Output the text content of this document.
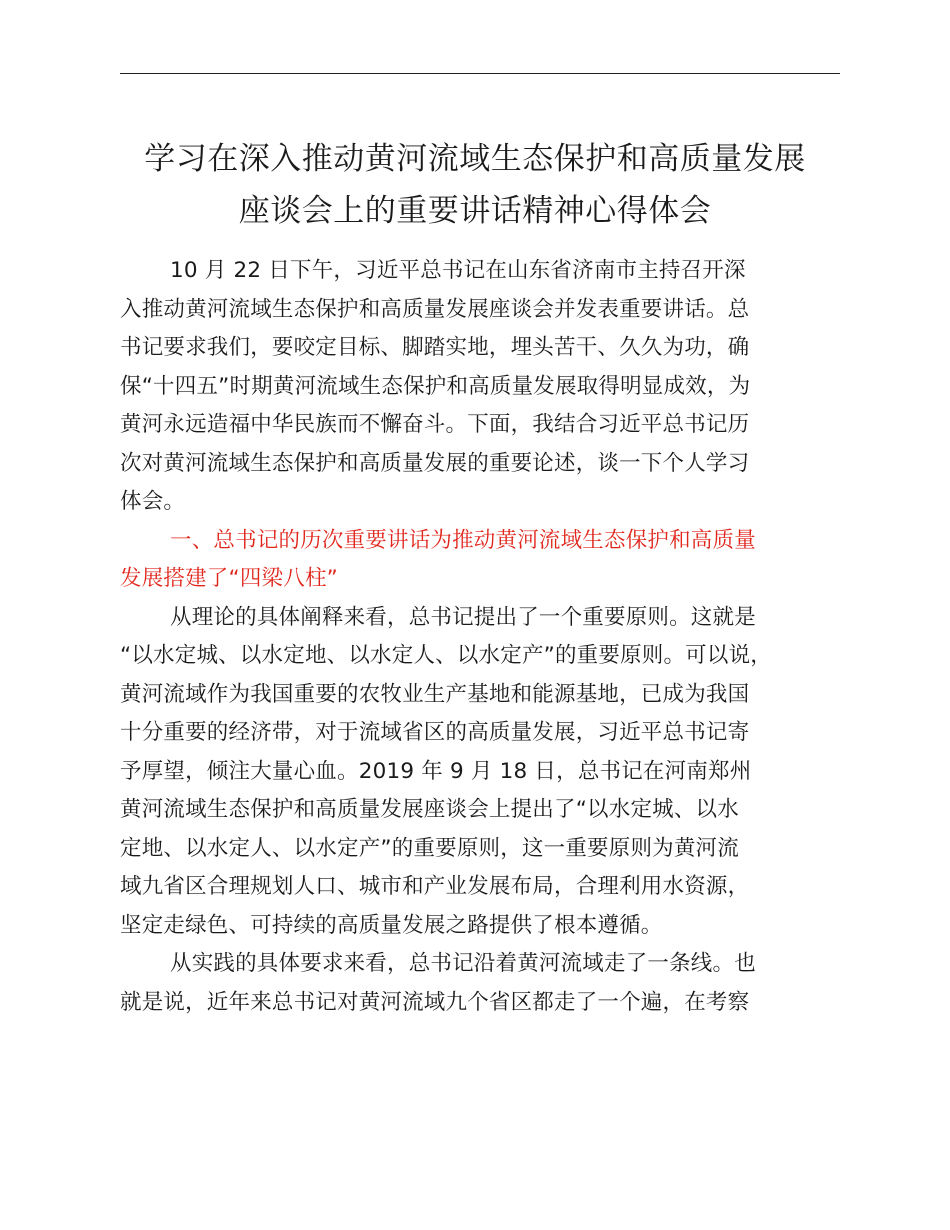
学习在深入推动黄河流域生态保护和高质量发展
座谈会上的重要讲话精神心得体会
10 月 22 日下午，习近平总书记在山东省济南市主持召开深
入推动黄河流域生态保护和高质量发展座谈会并发表重要讲话。总
书记要求我们，要咬定目标、脚踏实地，埋头苦干、久久为功，确
保“十四五”时期黄河流域生态保护和高质量发展取得明显成效，为
黄河永远造福中华民族而不懈奋斗。下面，我结合习近平总书记历
次对黄河流域生态保护和高质量发展的重要论述，谈一下个人学习
体会。
一、总书记的历次重要讲话为推动黄河流域生态保护和高质量
发展搭建了“四梁八柱”
从理论的具体阐释来看，总书记提出了一个重要原则。这就是
“以水定城、以水定地、以水定人、以水定产”的重要原则。可以说，
黄河流域作为我国重要的农牧业生产基地和能源基地，已成为我国
十分重要的经济带，对于流域省区的高质量发展，习近平总书记寄
予厚望，倾注大量心血。2019 年 9 月 18 日，总书记在河南郑州
黄河流域生态保护和高质量发展座谈会上提出了“以水定城、以水
定地、以水定人、以水定产”的重要原则，这一重要原则为黄河流
域九省区合理规划人口、城市和产业发展布局，合理利用水资源，
坚定走绿色、可持续的高质量发展之路提供了根本遵循。
从实践的具体要求来看，总书记沿着黄河流域走了一条线。也
就是说，近年来总书记对黄河流域九个省区都走了一个遍，在考察
